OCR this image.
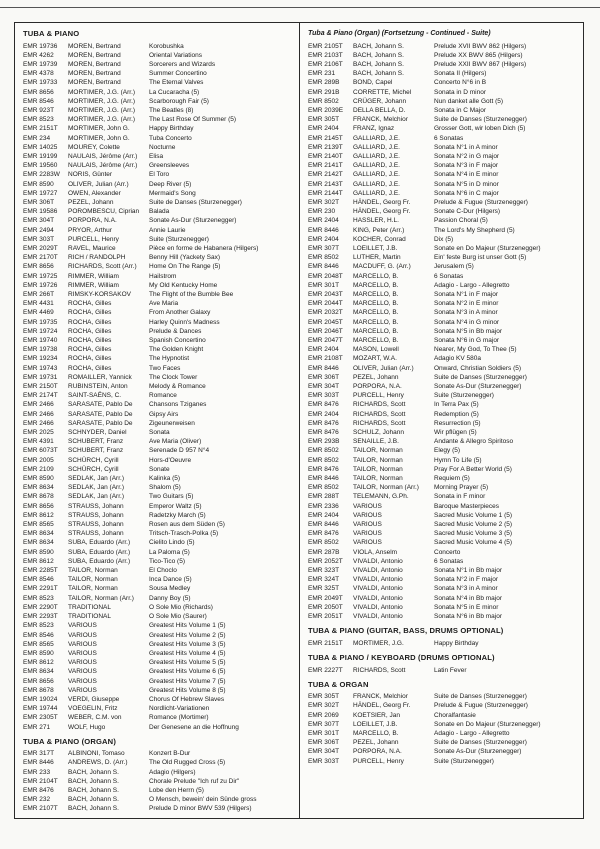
TUBA & PIANO
EMR 19736	MOREN, Bertrand	Korobushka
EMR 4262	MOREN, Bertrand	Oriental Variations
EMR 19739	MOREN, Bertrand	Sorcerers and Wizards
EMR 4378	MOREN, Bertrand	Summer Concertino
EMR 19733	MOREN, Bertrand	The Eternal Valves
EMR 8656	MORTIMER, J.G. (Arr.)	La Cucaracha (5)
EMR 8546	MORTIMER, J.G. (Arr.)	Scarborough Fair (5)
EMR 923T	MORTIMER, J.G. (Arr.)	The Beatles (8)
EMR 8523	MORTIMER, J.G. (Arr.)	The Last Rose Of Summer (5)
EMR 2151T	MORTIMER, John G.	Happy Birthday
EMR 234	MORTIMER, John G.	Tuba Concerto
EMR 14025	MOUREY, Colette	Nocturne
EMR 19199	NAULAIS, Jérôme (Arr.)	Elisa
EMR 19560	NAULAIS, Jérôme (Arr.)	Greensleeves
EMR 2283W	NORIS, Günter	El Toro
EMR 8590	OLIVER, Julian (Arr.)	Deep River (5)
EMR 19727	OWEN, Alexander	Mermaid's Song
EMR 306T	PEZEL, Johann	Suite de Danses (Sturzenegger)
EMR 19586	POROMBESCU, Ciprian	Balada
EMR 304T	PORPORA, N.A.	Sonate As-Dur (Sturzenegger)
EMR 2494	PRYOR, Arthur	Annie Laurie
EMR 303T	PURCELL, Henry	Suite (Sturzenegger)
EMR 2029T	RAVEL, Maurice	Pièce en forme de Habanera (Hilgers)
EMR 2170T	RICH / RANDOLPH	Benny Hill (Yackety Sax)
EMR 8656	RICHARDS, Scott (Arr.)	Home On The Range (5)
EMR 19725	RIMMER, William	Hailstrom
EMR 19726	RIMMER, William	My Old Kentucky Home
EMR 266T	RIMSKY-KORSAKOV	The Flight of the Bumble Bee
EMR 4431	ROCHA, Gilles	Ave Maria
EMR 4469	ROCHA, Gilles	From Another Galaxy
EMR 19735	ROCHA, Gilles	Harley Quinn's Madness
EMR 19724	ROCHA, Gilles	Prelude & Dances
EMR 19740	ROCHA, Gilles	Spanish Concertino
EMR 19738	ROCHA, Gilles	The Golden Knight
EMR 19234	ROCHA, Gilles	The Hypnotist
EMR 19743	ROCHA, Gilles	Two Faces
EMR 19731	ROMAILLER, Yannick	The Clock Tower
EMR 2150T	RUBINSTEIN, Anton	Melody & Romance
EMR 2174T	SAINT-SAËNS, C.	Romance
EMR 2466	SARASATE, Pablo De	Chansons Tziganes
EMR 2466	SARASATE, Pablo De	Gipsy Airs
EMR 2466	SARASATE, Pablo De	Zigeunerweisen
EMR 2025	SCHNYDER, Daniel	Sonata
EMR 4391	SCHUBERT, Franz	Ave Maria (Oliver)
EMR 6073T	SCHUBERT, Franz	Serenade D 957 N°4
EMR 2005	SCHÜRCH, Cyrill	Hors-d'Oeuvre
EMR 2109	SCHÜRCH, Cyrill	Sonate
EMR 8590	SEDLAK, Jan (Arr.)	Kalinka (5)
EMR 8634	SEDLAK, Jan (Arr.)	Shalom (5)
EMR 8678	SEDLAK, Jan (Arr.)	Two Guitars (5)
EMR 8656	STRAUSS, Johann	Emperor Waltz (5)
EMR 8612	STRAUSS, Johann	Radetzky March (5)
EMR 8565	STRAUSS, Johann	Rosen aus dem Süden (5)
EMR 8634	STRAUSS, Johann	Tritsch-Trasch-Polka (5)
EMR 8634	SUBA, Eduardo (Arr.)	Cielito Lindo (5)
EMR 8590	SUBA, Eduardo (Arr.)	La Paloma (5)
EMR 8612	SUBA, Eduardo (Arr.)	Tico-Tico (5)
EMR 2285T	TAILOR, Norman	El Choclo
EMR 8546	TAILOR, Norman	Inca Dance (5)
EMR 2291T	TAILOR, Norman	Sousa Medley
EMR 8523	TAILOR, Norman (Arr.)	Danny Boy (5)
EMR 2290T	TRADITIONAL	O Sole Mio (Richards)
EMR 2293T	TRADITIONAL	O Sole Mio (Saurer)
EMR 8523	VARIOUS	Greatest Hits Volume 1 (5)
EMR 8546	VARIOUS	Greatest Hits Volume 2 (5)
EMR 8565	VARIOUS	Greatest Hits Volume 3 (5)
EMR 8590	VARIOUS	Greatest Hits Volume 4 (5)
EMR 8612	VARIOUS	Greatest Hits Volume 5 (5)
EMR 8634	VARIOUS	Greatest Hits Volume 6 (5)
EMR 8656	VARIOUS	Greatest Hits Volume 7 (5)
EMR 8678	VARIOUS	Greatest Hits Volume 8 (5)
EMR 19024	VERDI, Giuseppe	Chorus Of Hebrew Slaves
EMR 19744	VOEGELIN, Fritz	Nordlicht-Variationen
EMR 2305T	WEBER, C.M. von	Romance (Mortimer)
EMR 271	WOLF, Hugo	Der Genesene an die Hoffnung
TUBA & PIANO (ORGAN)
EMR 317T	ALBINONI, Tomaso	Konzert B-Dur
EMR 8446	ANDREWS, D. (Arr.)	The Old Rugged Cross (5)
EMR 233	BACH, Johann S.	Adagio (Hilgers)
EMR 2104T	BACH, Johann S.	Chorale Prelude "Ich ruf zu Dir"
EMR 8476	BACH, Johann S.	Lobe den Herrn (5)
EMR 232	BACH, Johann S.	O Mensch, bewein' dein Sünde gross
EMR 2107T	BACH, Johann S.	Prelude D minor BWV 539 (Hilgers)
Tuba & Piano (Organ) (Fortsetzung - Continued - Suite)
EMR 2105T	BACH, Johann S.	Prelude XVII BWV 862 (Hilgers)
EMR 2103T	BACH, Johann S.	Prelude XX BWV 865 (Hilgers)
EMR 2106T	BACH, Johann S.	Prelude XXII BWV 867 (Hilgers)
EMR 231	BACH, Johann S.	Sonata II (Hilgers)
EMR 289B	BOND, Capel	Concerto N°6 in B
EMR 291B	CORRETTE, Michel	Sonata in D minor
EMR 8502	CRÜGER, Johann	Nun danket alle Gott (5)
EMR 2039E	DELLA BELLA, D.	Sonata in C Major
EMR 305T	FRANCK, Melchior	Suite de Danses (Sturzenegger)
EMR 2404	FRANZ, Ignaz	Grosser Gott, wir loben Dich (5)
EMR 2145T	GALLIARD, J.E.	6 Sonatas
EMR 2139T	GALLIARD, J.E.	Sonata N°1 in A minor
EMR 2140T	GALLIARD, J.E.	Sonata N°2 in G major
EMR 2141T	GALLIARD, J.E.	Sonata N°3 in F major
EMR 2142T	GALLIARD, J.E.	Sonata N°4 in E minor
EMR 2143T	GALLIARD, J.E.	Sonata N°5 in D minor
EMR 2144T	GALLIARD, J.E.	Sonata N°6 in C major
EMR 302T	HÄNDEL, Georg Fr.	Prelude & Fugue (Sturzenegger)
EMR 230	HÄNDEL, Georg Fr.	Sonate C-Dur (Hilgers)
EMR 2404	HASSLER, H.L.	Passion Choral (5)
EMR 8446	KING, Peter (Arr.)	The Lord's My Shepherd (5)
EMR 2404	KOCHER, Conrad	Dix (5)
EMR 307T	LOEILLET, J.B.	Sonate en Do Majeur (Sturzenegger)
EMR 8502	LUTHER, Martin	Ein' feste Burg ist unser Gott (5)
EMR 8446	MACDUFF, G. (Arr.)	Jerusalem (5)
EMR 2048T	MARCELLO, B.	6 Sonatas
EMR 301T	MARCELLO, B.	Adagio - Largo - Allegretto
EMR 2043T	MARCELLO, B.	Sonata N°1 in F major
EMR 2044T	MARCELLO, B.	Sonata N°2 in E minor
EMR 2032T	MARCELLO, B.	Sonata N°3 in A minor
EMR 2045T	MARCELLO, B.	Sonata N°4 in G minor
EMR 2046T	MARCELLO, B.	Sonata N°5 in Bb major
EMR 2047T	MARCELLO, B.	Sonata N°6 in G major
EMR 2404	MASON, Lowell	Nearer, My God, To Thee (5)
EMR 2108T	MOZART, W.A.	Adagio KV 580a
EMR 8446	OLIVER, Julian (Arr.)	Onward, Christian Soldiers (5)
EMR 306T	PEZEL, Johann	Suite de Danses (Sturzenegger)
EMR 304T	PORPORA, N.A.	Sonate As-Dur (Sturzenegger)
EMR 303T	PURCELL, Henry	Suite (Sturzenegger)
EMR 8476	RICHARDS, Scott	In Terra Pax (5)
EMR 2404	RICHARDS, Scott	Redemption (5)
EMR 8476	RICHARDS, Scott	Resurrection (5)
EMR 8476	SCHULZ, Johann	Wir pflügen (5)
EMR 293B	SENAILLE, J.B.	Andante & Allegro Spiritoso
EMR 8502	TAILOR, Norman	Elegy (5)
EMR 8502	TAILOR, Norman	Hymn To Life (5)
EMR 8476	TAILOR, Norman	Pray For A Better World (5)
EMR 8446	TAILOR, Norman	Requiem (5)
EMR 8502	TAILOR, Norman (Arr.)	Morning Prayer (5)
EMR 288T	TELEMANN, G.Ph.	Sonata in F minor
EMR 2336	VARIOUS	Baroque Masterpieces
EMR 2404	VARIOUS	Sacred Music Volume 1 (5)
EMR 8446	VARIOUS	Sacred Music Volume 2 (5)
EMR 8476	VARIOUS	Sacred Music Volume 3 (5)
EMR 8502	VARIOUS	Sacred Music Volume 4 (5)
EMR 287B	VIOLA, Anselm	Concerto
EMR 2052T	VIVALDI, Antonio	6 Sonatas
EMR 323T	VIVALDI, Antonio	Sonata N°1 in Bb major
EMR 324T	VIVALDI, Antonio	Sonata N°2 in F major
EMR 325T	VIVALDI, Antonio	Sonata N°3 in A minor
EMR 2049T	VIVALDI, Antonio	Sonata N°4 in Bb major
EMR 2050T	VIVALDI, Antonio	Sonata N°5 in E minor
EMR 2051T	VIVALDI, Antonio	Sonata N°6 in Bb major
TUBA & PIANO (GUITAR, BASS, DRUMS OPTIONAL)
EMR 2151T	MORTIMER, J.G.	Happy Birthday
TUBA & PIANO / KEYBOARD (DRUMS OPTIONAL)
EMR 2227T	RICHARDS, Scott	Latin Fever
TUBA & ORGAN
EMR 305T	FRANCK, Melchior	Suite de Danses (Sturzenegger)
EMR 302T	HÄNDEL, Georg Fr.	Prelude & Fugue (Sturzenegger)
EMR 2069	KOETSIER, Jan	Choralfantasie
EMR 307T	LOEILLET, J.B.	Sonate en Do Majeur (Sturzenegger)
EMR 301T	MARCELLO, B.	Adagio - Largo - Allegretto
EMR 306T	PEZEL, Johann	Suite de Danses (Sturzenegger)
EMR 304T	PORPORA, N.A.	Sonate As-Dur (Sturzenegger)
EMR 303T	PURCELL, Henry	Suite (Sturzenegger)
